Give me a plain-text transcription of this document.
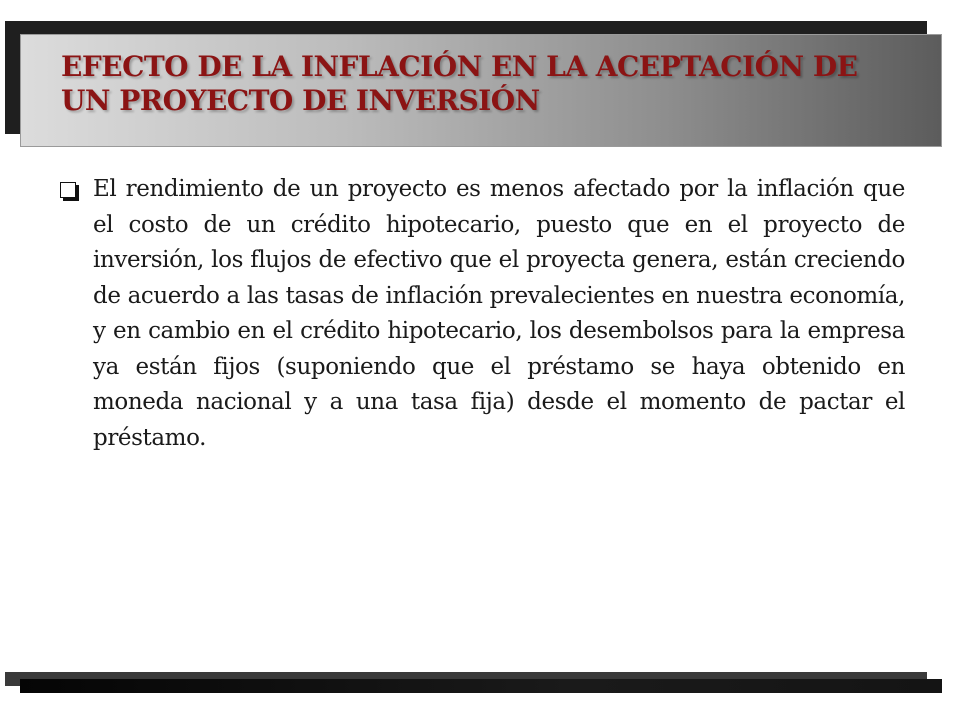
EFECTO DE LA INFLACIÓN EN LA ACEPTACIÓN DE
UN PROYECTO DE INVERSIÓN

El rendimiento de un proyecto es menos afectado por la inflación que el costo de un crédito hipotecario, puesto que en el proyecto de inversión, los flujos de efectivo que el proyecta genera, están creciendo de acuerdo a las tasas de inflación prevalecientes en nuestra economía, y en cambio en el crédito hipotecario, los desembolsos para la empresa ya están fijos (suponiendo que el préstamo se haya obtenido en moneda nacional y a una tasa fija) desde el momento de pactar el préstamo.
